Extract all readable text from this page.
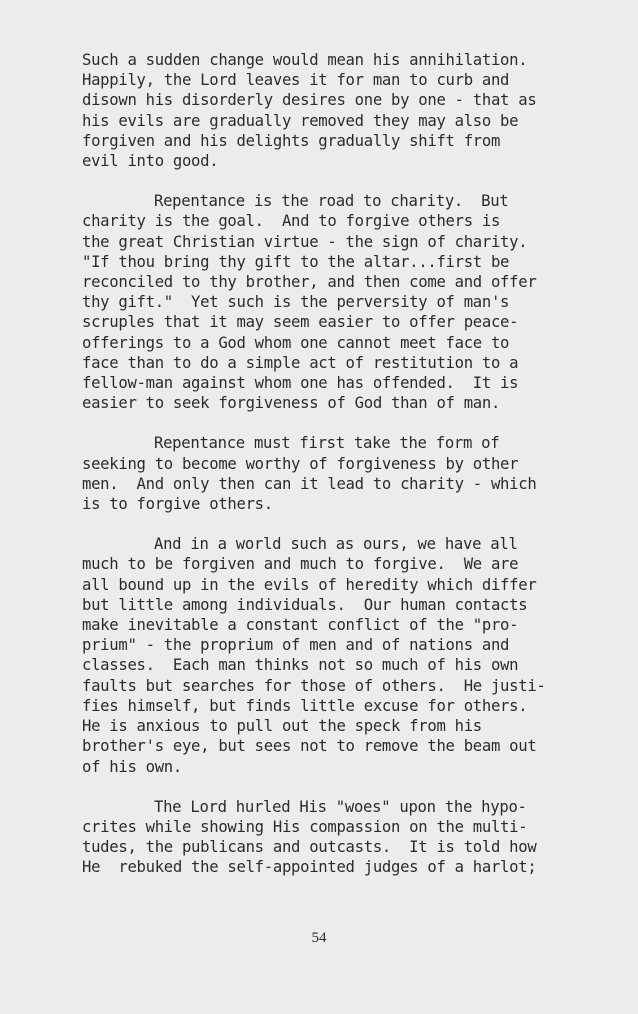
Such a sudden change would mean his annihilation.
Happily, the Lord leaves it for man to curb and
disown his disorderly desires one by one - that as
his evils are gradually removed they may also be
forgiven and his delights gradually shift from
evil into good.
Repentance is the road to charity.  But
charity is the goal.  And to forgive others is
the great Christian virtue - the sign of charity.
"If thou bring thy gift to the altar...first be
reconciled to thy brother, and then come and offer
thy gift."  Yet such is the perversity of man's
scruples that it may seem easier to offer peace-
offerings to a God whom one cannot meet face to
face than to do a simple act of restitution to a
fellow-man against whom one has offended.  It is
easier to seek forgiveness of God than of man.
Repentance must first take the form of
seeking to become worthy of forgiveness by other
men.  And only then can it lead to charity - which
is to forgive others.
And in a world such as ours, we have all
much to be forgiven and much to forgive.  We are
all bound up in the evils of heredity which differ
but little among individuals.  Our human contacts
make inevitable a constant conflict of the "pro-
prium" - the proprium of men and of nations and
classes.  Each man thinks not so much of his own
faults but searches for those of others.  He justi-
fies himself, but finds little excuse for others.
He is anxious to pull out the speck from his
brother's eye, but sees not to remove the beam out
of his own.
The Lord hurled His "woes" upon the hypo-
crites while showing His compassion on the multi-
tudes, the publicans and outcasts.  It is told how
He  rebuked the self-appointed judges of a harlot;
54
